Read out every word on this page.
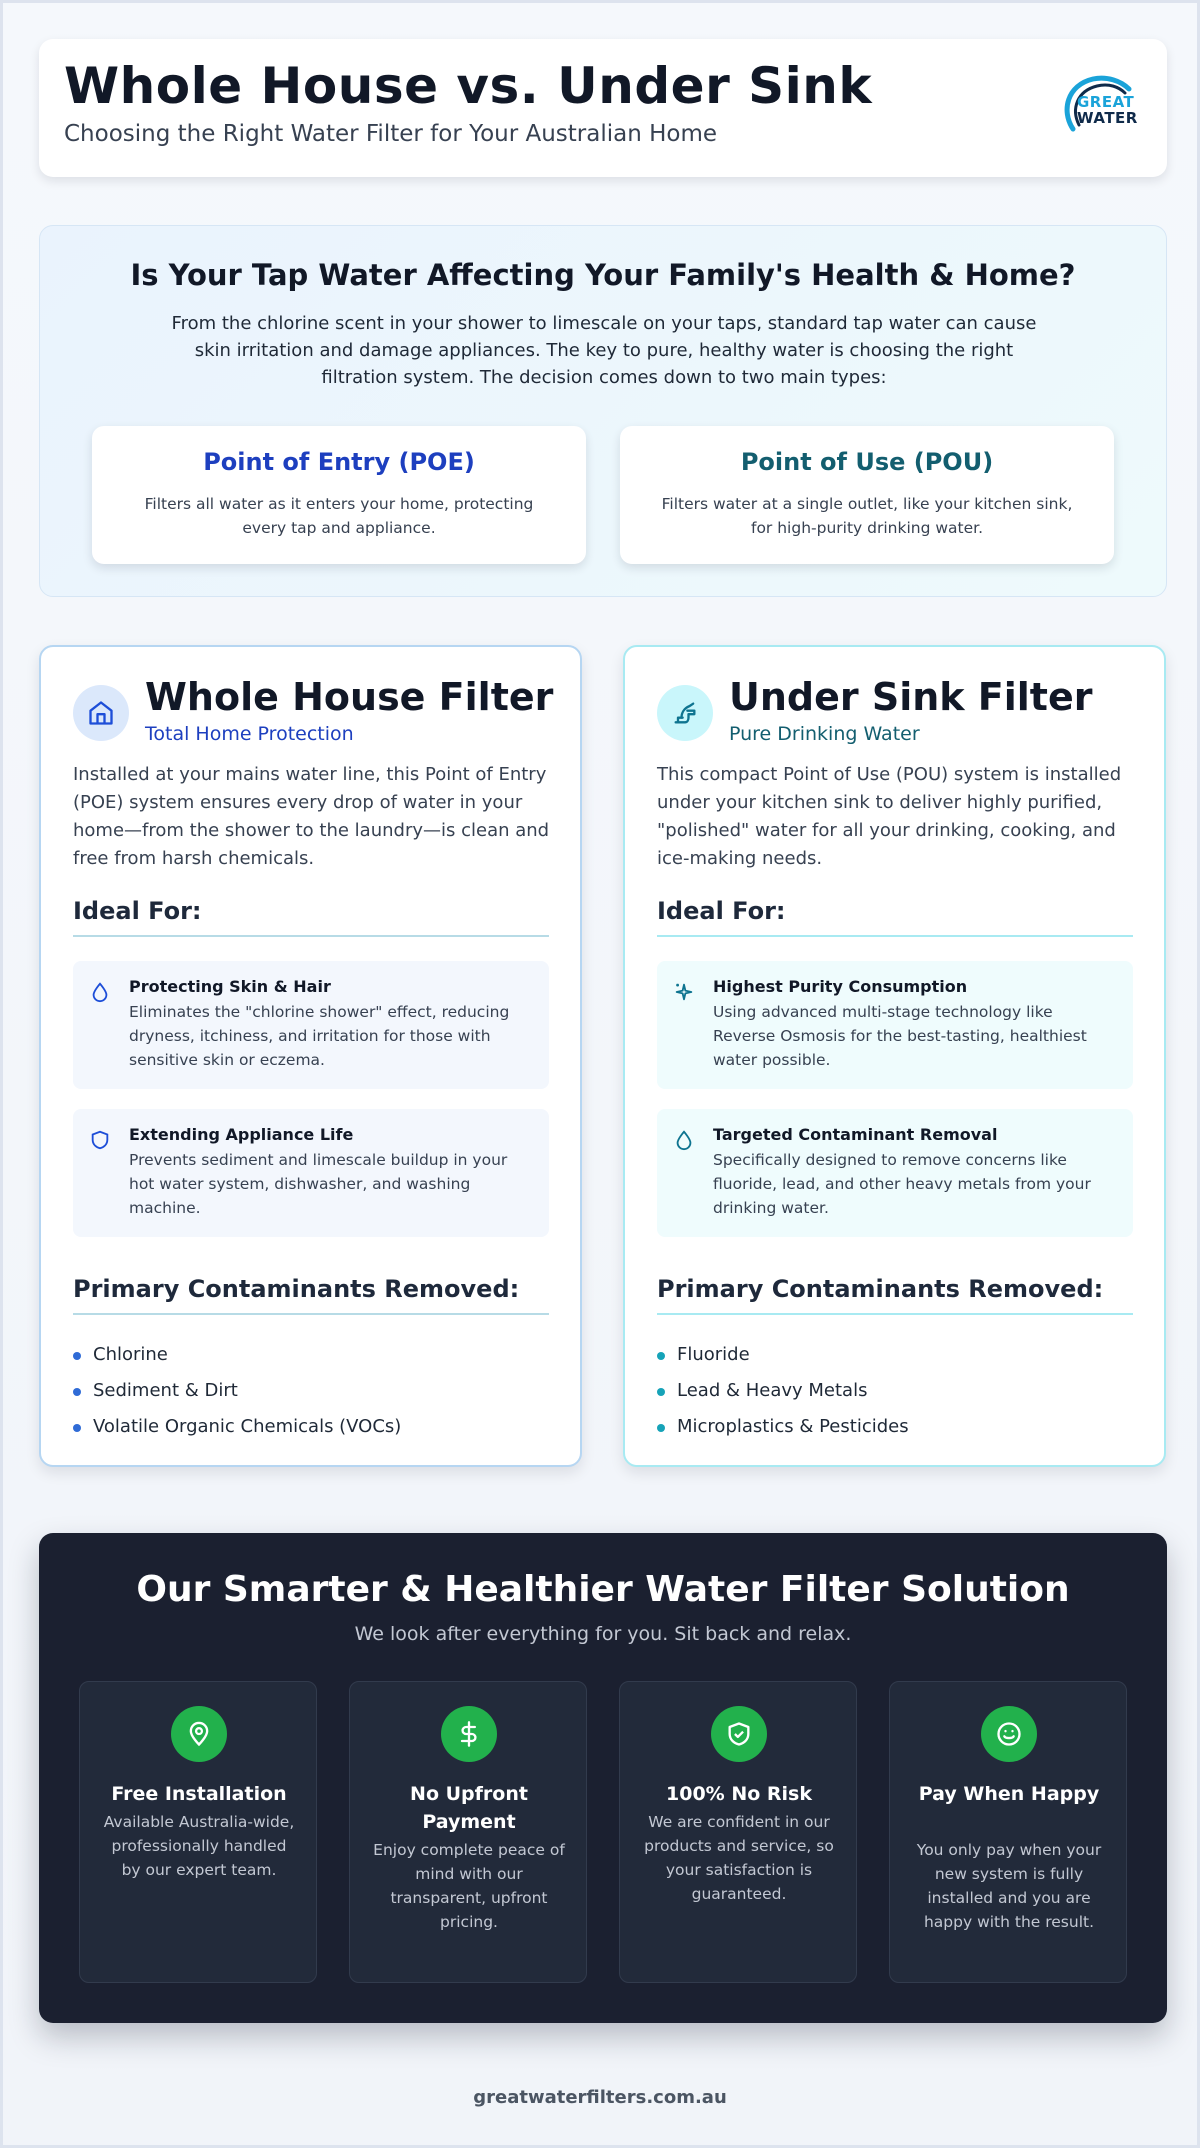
Whole House vs. Under Sink
Choosing the Right Water Filter for Your Australian Home
GREAT
WATER
Is Your Tap Water Affecting Your Family's Health & Home?

From the chlorine scent in your shower to limescale on your taps, standard tap water can cause skin irritation and damage appliances. The key to pure, healthy water is choosing the right filtration system. The decision comes down to two main types:

Point of Entry (POE)

Filters all water as it enters your home, protecting every tap and appliance.

Point of Use (POU)

Filters water at a single outlet, like your kitchen sink, for high-purity drinking water.

Whole House Filter
Total Home Protection
Installed at your mains water line, this Point of Entry (POE) system ensures every drop of water in your home—from the shower to the laundry—is clean and free from harsh chemicals.
Ideal For:
Protecting Skin & Hair
Eliminates the "chlorine shower" effect, reducing dryness, itchiness, and irritation for those with sensitive skin or eczema.
Extending Appliance Life
Prevents sediment and limescale buildup in your hot water system, dishwasher, and washing machine.
Primary Contaminants Removed:
Chlorine
Sediment & Dirt
Volatile Organic Chemicals (VOCs)
Under Sink Filter
Pure Drinking Water
This compact Point of Use (POU) system is installed under your kitchen sink to deliver highly purified, "polished" water for all your drinking, cooking, and ice-making needs.
Ideal For:
Highest Purity Consumption
Using advanced multi-stage technology like Reverse Osmosis for the best-tasting, healthiest water possible.
Targeted Contaminant Removal
Specifically designed to remove concerns like fluoride, lead, and other heavy metals from your drinking water.
Primary Contaminants Removed:
Fluoride
Lead & Heavy Metals
Microplastics & Pesticides
Our Smarter & Healthier Water Filter Solution
We look after everything for you. Sit back and relax.
Free Installation

Available Australia-wide, professionally handled by our expert team.

No Upfront Payment

Enjoy complete peace of mind with our transparent, upfront pricing.

100% No Risk

We are confident in our products and service, so your satisfaction is guaranteed.

Pay When Happy

You only pay when your new system is fully installed and you are happy with the result.

greatwaterfilters.com.au
